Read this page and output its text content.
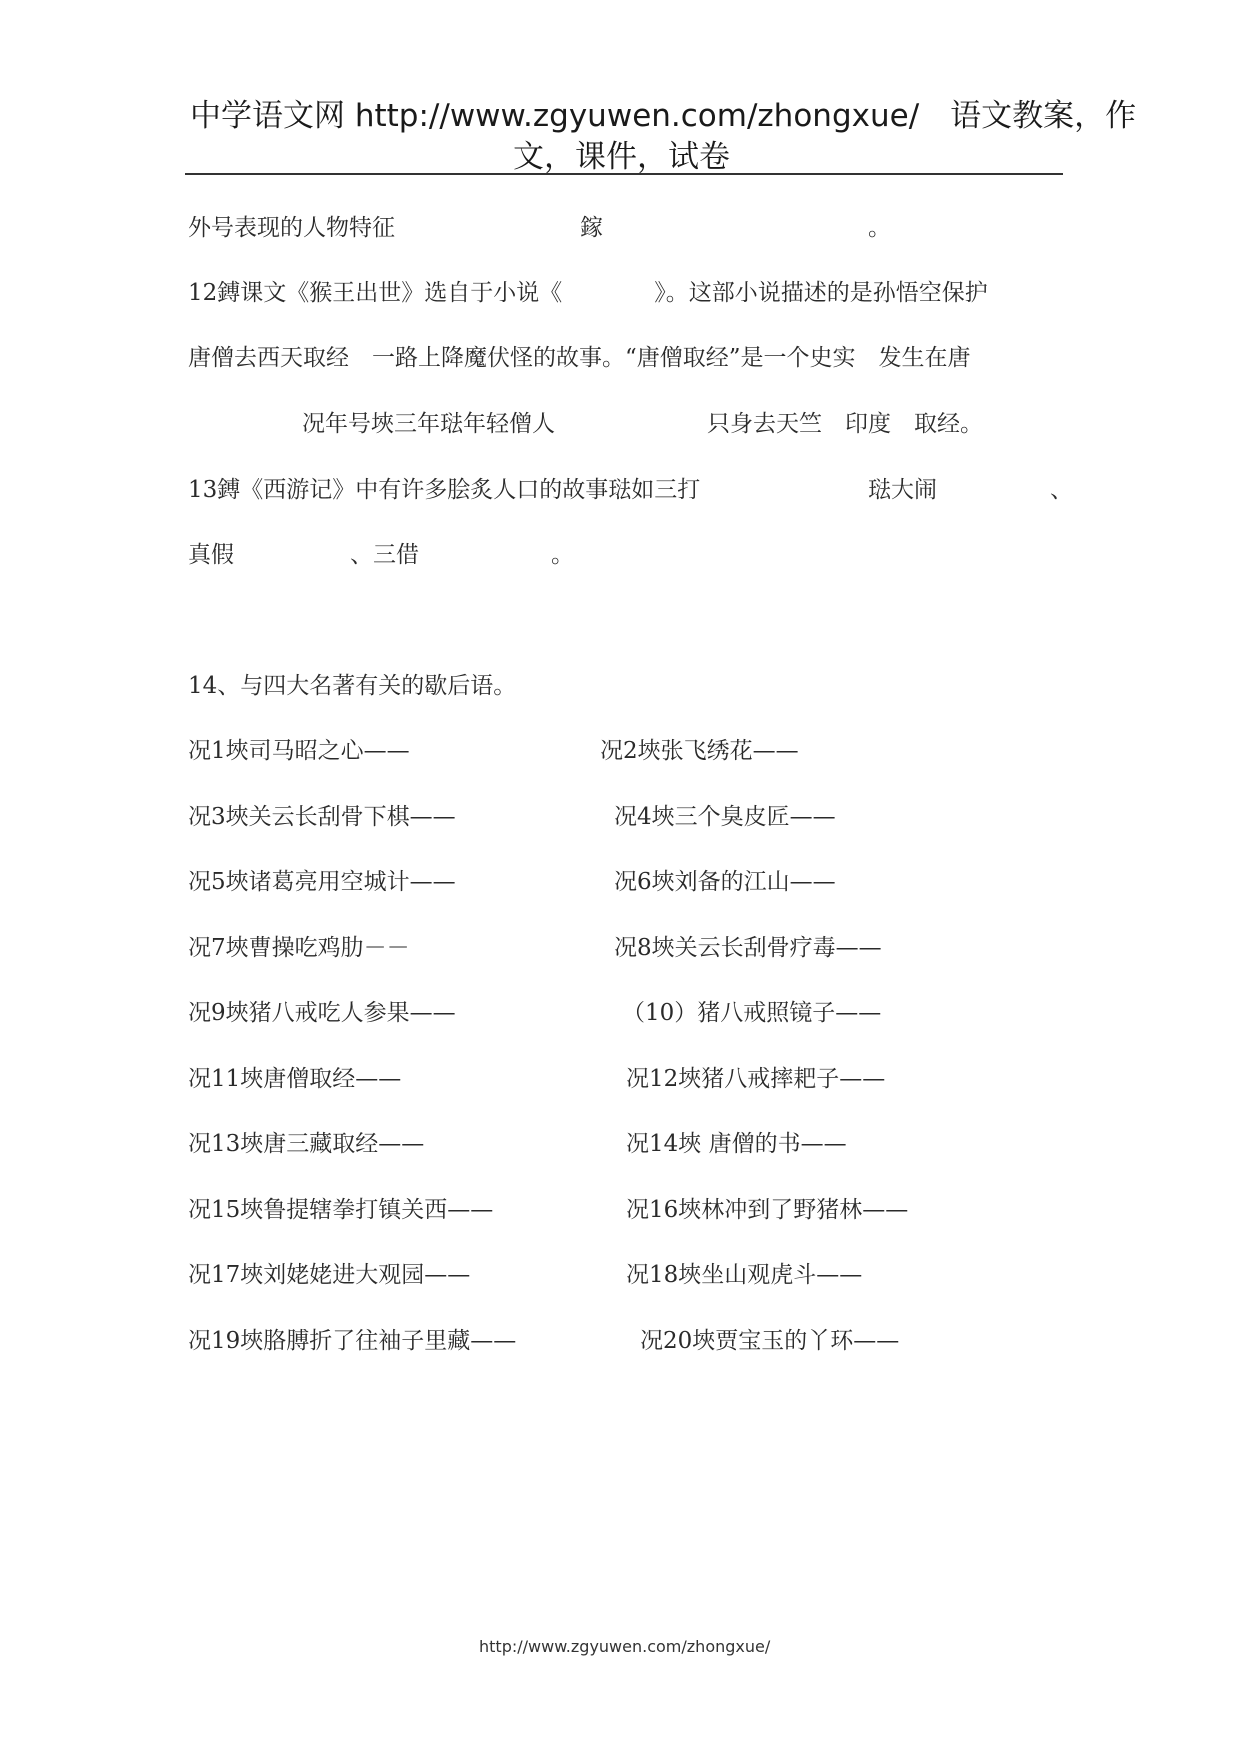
中学语文网 http://www.zgyuwen.com/zhongxue/　语文教案，作
文，课件，试卷
外号表现的人物特征	鎵	。
12鎛课文《猴王出世》选自于小说《　　　　》。这部小说描述的是孙悟空保护
唐僧去西天取经　一路上降魔伏怪的故事。“唐僧取经”是一个史实　发生在唐
况年号埉三年琺年轻僧人	只身去天竺　印度　取经。
13鎛《西游记》中有许多脍炙人口的故事琺如三打	琺大闹	、
真假	、三借	。
14、与四大名著有关的歇后语。
况1埉司马昭之心——	况2埉张飞绣花——
况3埉关云长刮骨下棋——	况4埉三个臭皮匠——
况5埉诸葛亮用空城计——	况6埉刘备的江山——
况7埉曹操吃鸡肋－－	况8埉关云长刮骨疗毒——
况9埉猪八戒吃人参果——	（10）猪八戒照镜子——
况11埉唐僧取经——	况12埉猪八戒摔耙子——
况13埉唐三藏取经——	况14埉 唐僧的书——
况15埉鲁提辖拳打镇关西——	况16埉林冲到了野猪林——
况17埉刘姥姥进大观园——	况18埉坐山观虎斗——
况19埉胳膊折了往袖子里藏——	况20埉贾宝玉的丫环——
http://www.zgyuwen.com/zhongxue/
